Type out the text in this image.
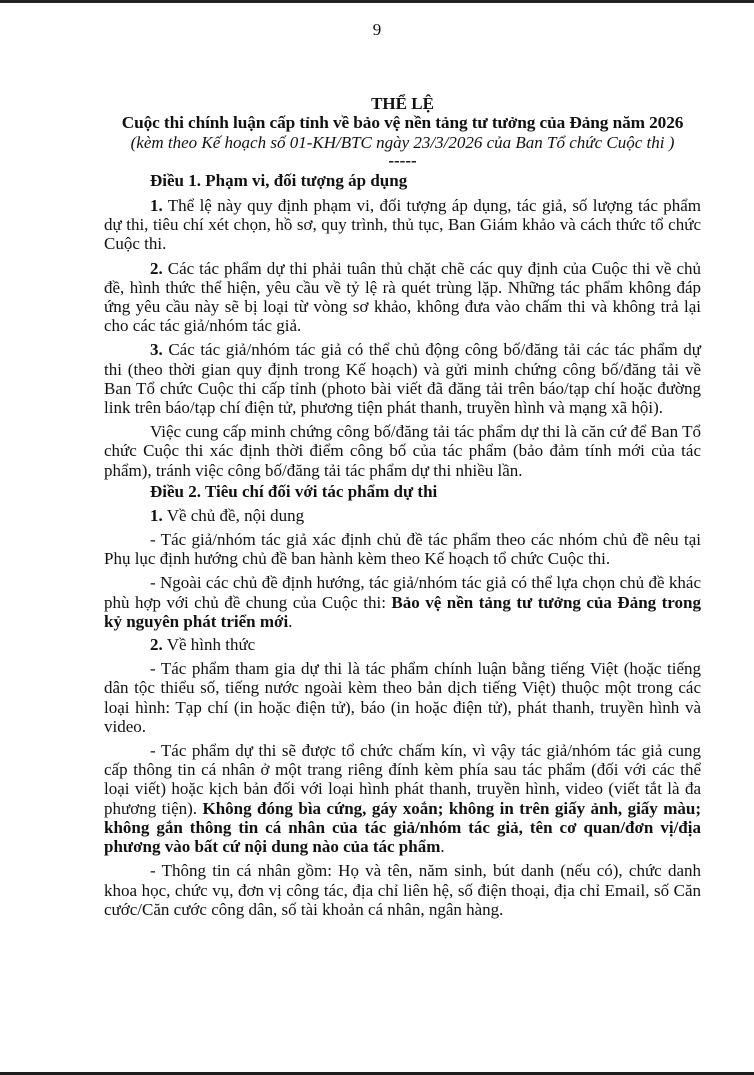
9

THỂ LỆ

Cuộc thi chính luận cấp tỉnh về bảo vệ nền tảng tư tưởng của Đảng năm 2026

(kèm theo Kế hoạch số 01-KH/BTC ngày 23/3/2026 của Ban Tổ chức Cuộc thi )

-----

Điều 1. Phạm vi, đối tượng áp dụng

1. Thể lệ này quy định phạm vi, đối tượng áp dụng, tác giả, số lượng tác phẩm dự thi, tiêu chí xét chọn, hồ sơ, quy trình, thủ tục, Ban Giám khảo và cách thức tổ chức Cuộc thi.

2. Các tác phẩm dự thi phải tuân thủ chặt chẽ các quy định của Cuộc thi về chủ đề, hình thức thể hiện, yêu cầu về tỷ lệ rà quét trùng lặp. Những tác phẩm không đáp ứng yêu cầu này sẽ bị loại từ vòng sơ khảo, không đưa vào chấm thi và không trả lại cho các tác giả/nhóm tác giả.

3. Các tác giả/nhóm tác giả có thể chủ động công bố/đăng tải các tác phẩm dự thi (theo thời gian quy định trong Kế hoạch) và gửi minh chứng công bố/đăng tải về Ban Tổ chức Cuộc thi cấp tỉnh (photo bài viết đã đăng tải trên báo/tạp chí hoặc đường link trên báo/tạp chí điện tử, phương tiện phát thanh, truyền hình và mạng xã hội).

Việc cung cấp minh chứng công bố/đăng tải tác phẩm dự thi là căn cứ để Ban Tổ chức Cuộc thi xác định thời điểm công bố của tác phẩm (bảo đảm tính mới của tác phẩm), tránh việc công bố/đăng tải tác phẩm dự thi nhiều lần.

Điều 2. Tiêu chí đối với tác phẩm dự thi

1. Về chủ đề, nội dung

- Tác giả/nhóm tác giả xác định chủ đề tác phẩm theo các nhóm chủ đề nêu tại Phụ lục định hướng chủ đề ban hành kèm theo Kế hoạch tổ chức Cuộc thi.

- Ngoài các chủ đề định hướng, tác giả/nhóm tác giả có thể lựa chọn chủ đề khác phù hợp với chủ đề chung của Cuộc thi: Bảo vệ nền tảng tư tưởng của Đảng trong kỷ nguyên phát triển mới.

2. Về hình thức

- Tác phẩm tham gia dự thi là tác phẩm chính luận bằng tiếng Việt (hoặc tiếng dân tộc thiểu số, tiếng nước ngoài kèm theo bản dịch tiếng Việt) thuộc một trong các loại hình: Tạp chí (in hoặc điện tử), báo (in hoặc điện tử), phát thanh, truyền hình và video.

- Tác phẩm dự thi sẽ được tổ chức chấm kín, vì vậy tác giả/nhóm tác giả cung cấp thông tin cá nhân ở một trang riêng đính kèm phía sau tác phẩm (đối với các thể loại viết) hoặc kịch bản đối với loại hình phát thanh, truyền hình, video (viết tắt là đa phương tiện). Không đóng bìa cứng, gáy xoắn; không in trên giấy ảnh, giấy màu; không gắn thông tin cá nhân của tác giả/nhóm tác giả, tên cơ quan/đơn vị/địa phương vào bất cứ nội dung nào của tác phẩm.

- Thông tin cá nhân gồm: Họ và tên, năm sinh, bút danh (nếu có), chức danh khoa học, chức vụ, đơn vị công tác, địa chỉ liên hệ, số điện thoại, địa chỉ Email, số Căn cước/Căn cước công dân, số tài khoản cá nhân, ngân hàng.
